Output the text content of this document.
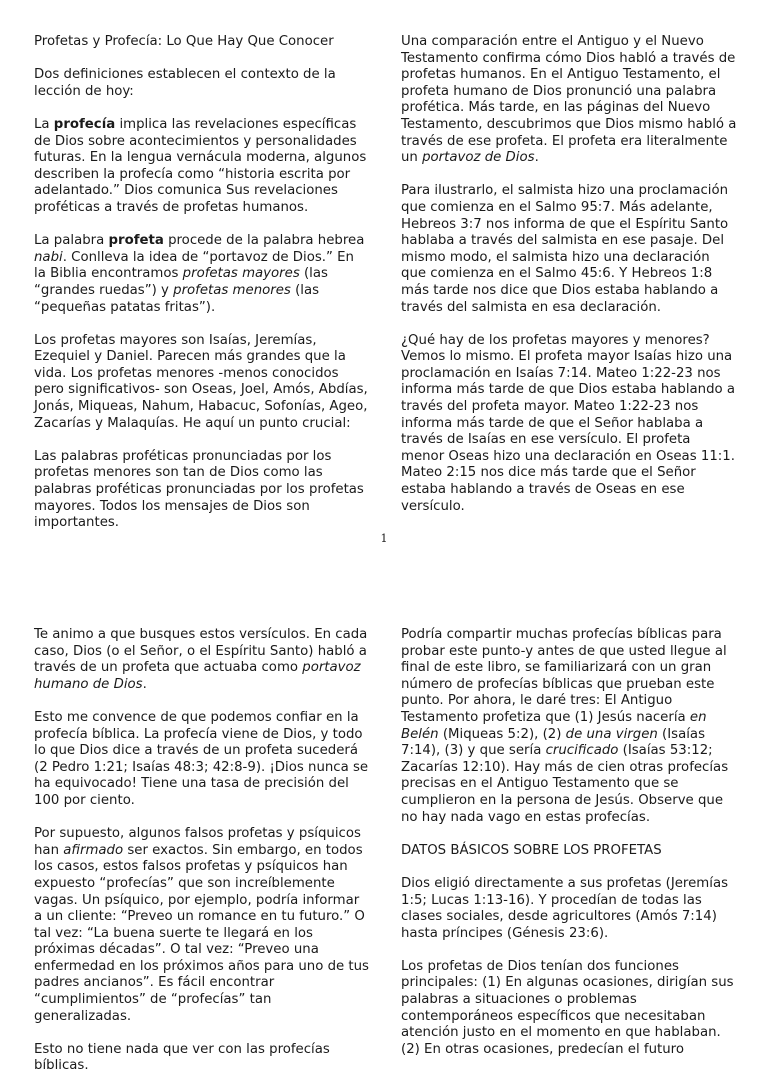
Profetas y Profecía: Lo Que Hay Que Conocer

Dos definiciones establecen el contexto de la lección de hoy:

La profecía implica las revelaciones específicas de Dios sobre acontecimientos y personalidades futuras. En la lengua vernácula moderna, algunos describen la profecía como “historia escrita por adelantado.” Dios comunica Sus revelaciones proféticas a través de profetas humanos.

La palabra profeta procede de la palabra hebrea nabi. Conlleva la idea de “portavoz de Dios.” En la Biblia encontramos profetas mayores (las “grandes ruedas”) y profetas menores (las “pequeñas patatas fritas”).

Los profetas mayores son Isaías, Jeremías, Ezequiel y Daniel. Parecen más grandes que la vida. Los profetas menores -menos conocidos pero significativos- son Oseas, Joel, Amós, Abdías, Jonás, Miqueas, Nahum, Habacuc, Sofonías, Ageo, Zacarías y Malaquías. He aquí un punto crucial:

Las palabras proféticas pronunciadas por los profetas menores son tan de Dios como las palabras proféticas pronunciadas por los profetas mayores. Todos los mensajes de Dios son importantes.

Una comparación entre el Antiguo y el Nuevo Testamento confirma cómo Dios habló a través de profetas humanos. En el Antiguo Testamento, el profeta humano de Dios pronunció una palabra profética. Más tarde, en las páginas del Nuevo Testamento, descubrimos que Dios mismo habló a través de ese profeta. El profeta era literalmente un portavoz de Dios.

Para ilustrarlo, el salmista hizo una proclamación que comienza en el Salmo 95:7. Más adelante, Hebreos 3:7 nos informa de que el Espíritu Santo hablaba a través del salmista en ese pasaje. Del mismo modo, el salmista hizo una declaración que comienza en el Salmo 45:6. Y Hebreos 1:8 más tarde nos dice que Dios estaba hablando a través del salmista en esa declaración.

¿Qué hay de los profetas mayores y menores? Vemos lo mismo. El profeta mayor Isaías hizo una proclamación en Isaías 7:14. Mateo 1:22-23 nos informa más tarde de que Dios estaba hablando a través del profeta mayor. Mateo 1:22-23 nos informa más tarde de que el Señor hablaba a través de Isaías en ese versículo. El profeta menor Oseas hizo una declaración en Oseas 11:1. Mateo 2:15 nos dice más tarde que el Señor estaba hablando a través de Oseas en ese versículo.

1

Te animo a que busques estos versículos. En cada caso, Dios (o el Señor, o el Espíritu Santo) habló a través de un profeta que actuaba como portavoz humano de Dios.

Esto me convence de que podemos confiar en la profecía bíblica. La profecía viene de Dios, y todo lo que Dios dice a través de un profeta sucederá (2 Pedro 1:21; Isaías 48:3; 42:8-9). ¡Dios nunca se ha equivocado! Tiene una tasa de precisión del 100 por ciento.

Por supuesto, algunos falsos profetas y psíquicos han afirmado ser exactos. Sin embargo, en todos los casos, estos falsos profetas y psíquicos han expuesto “profecías” que son increíblemente vagas. Un psíquico, por ejemplo, podría informar a un cliente: “Preveo un romance en tu futuro.” O tal vez: “La buena suerte te llegará en los próximas décadas”. O tal vez: “Preveo una enfermedad en los próximos años para uno de tus padres ancianos”. Es fácil encontrar “cumplimientos” de “profecías” tan generalizadas.

Esto no tiene nada que ver con las profecías bíblicas.

Podría compartir muchas profecías bíblicas para probar este punto-y antes de que usted llegue al final de este libro, se familiarizará con un gran número de profecías bíblicas que prueban este punto. Por ahora, le daré tres: El Antiguo Testamento profetiza que (1) Jesús nacería en Belén (Miqueas 5:2), (2) de una virgen (Isaías 7:14), (3) y que sería crucificado (Isaías 53:12; Zacarías 12:10). Hay más de cien otras profecías precisas en el Antiguo Testamento que se cumplieron en la persona de Jesús. Observe que no hay nada vago en estas profecías.

DATOS BÁSICOS SOBRE LOS PROFETAS

Dios eligió directamente a sus profetas (Jeremías 1:5; Lucas 1:13-16). Y procedían de todas las clases sociales, desde agricultores (Amós 7:14) hasta príncipes (Génesis 23:6).

Los profetas de Dios tenían dos funciones principales: (1) En algunas ocasiones, dirigían sus palabras a situaciones o problemas contemporáneos específicos que necesitaban atención justo en el momento en que hablaban. (2) En otras ocasiones, predecían el futuro
